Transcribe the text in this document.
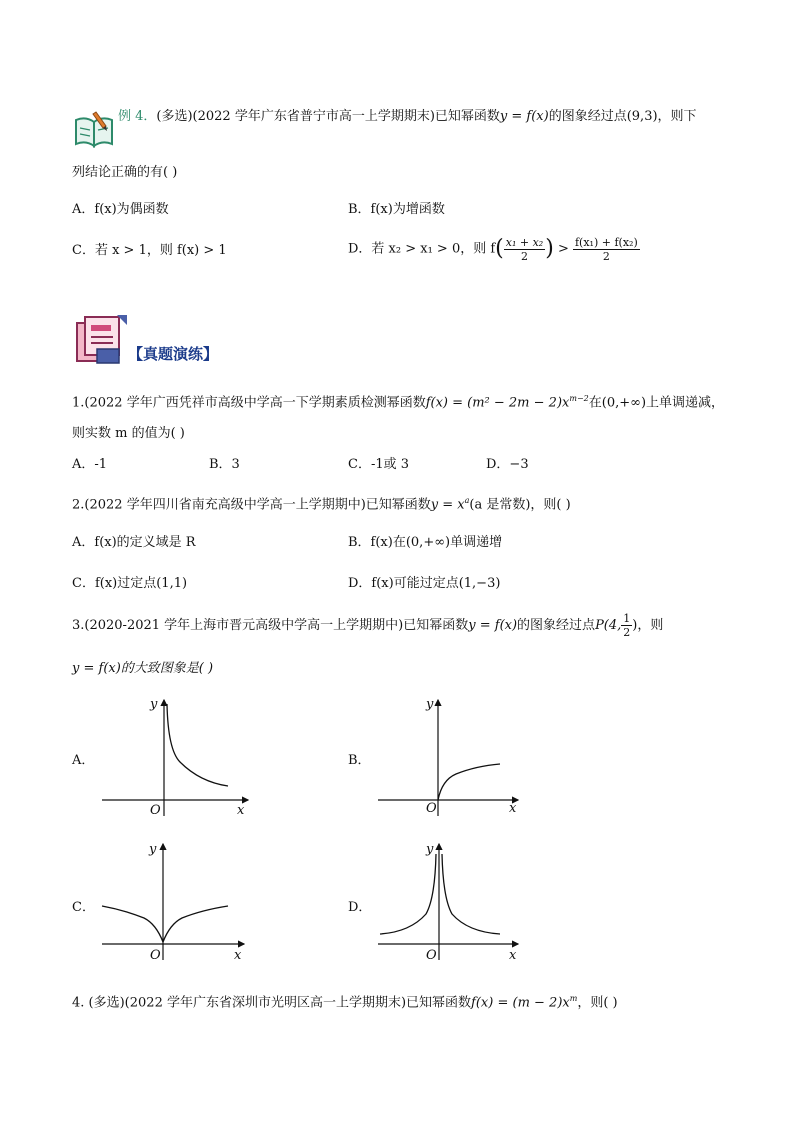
例 4．(多选)(2022 学年广东省普宁市高一上学期期末)已知幂函数y = f(x)的图象经过点(9,3)，则下
列结论正确的有( )
A．f(x)为偶函数	B．f(x)为增函数
C．若 x > 1，则 f(x) > 1	D．若 x₂ > x₁ > 0，则 $f( \frac{\text{x₁ + x₂}}{2}$ ) > $\frac{\text{f(x₁) + f(x₂)}}{2}$
【真题演练】
1.(2022 学年广西凭祥市高级中学高一下学期素质检测幂函数$f(x) = (m^2 - 2m - 2)x^{m-2}$在(0,+∞)上单调递减，
则实数 m 的值为( )
A．-1	B．3	C．-1或 3	D．−3
2.(2022 学年四川省南充高级中学高一上学期期中)已知幂函数$y = x^a(a$ 是常数)，则( )
A．f(x)的定义域是 R	B．f(x)在(0,+∞)单调递增
C．f(x)过定点(1,1)	D．f(x)可能过定点(1,−3)
3.(2020-2021 学年上海市晋元高级中学高一上学期期中)已知幂函数y = f(x)的图象经过点P(4, $\frac{1}{2}$ )，则
y = f(x)的大致图象是( )
A．	B．
C．	D．
y
O	x
y
O	x
y
O	x
y
O	x
4. (多选)(2022 学年广东省深圳市光明区高一上学期期末)已知幂函数$f(x) = (m - 2)x^m$，则( )
